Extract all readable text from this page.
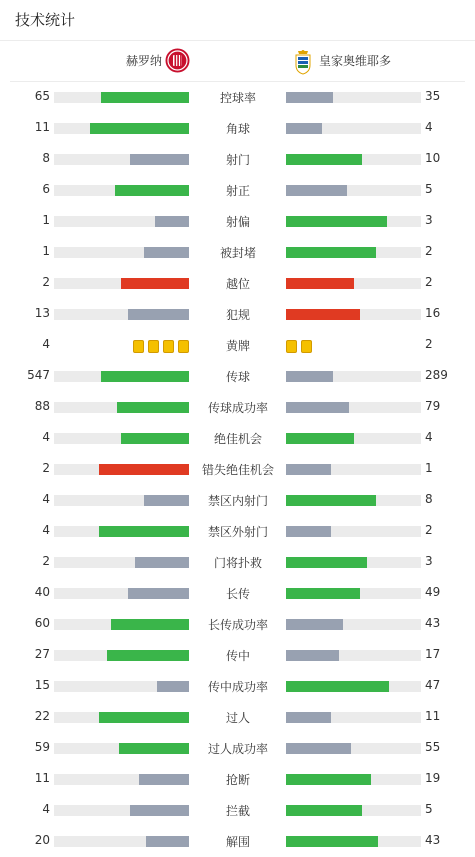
技术统计
赫罗纳	皇家奥维耶多
65	控球率	35
11	角球	4
8	射门	10
6	射正	5
1	射偏	3
1	被封堵	2
2	越位	2
13	犯规	16
4	黄牌	2
547	传球	289
88	传球成功率	79
4	绝佳机会	4
2	错失绝佳机会	1
4	禁区内射门	8
4	禁区外射门	2
2	门将扑救	3
40	长传	49
60	长传成功率	43
27	传中	17
15	传中成功率	47
22	过人	11
59	过人成功率	55
11	抢断	19
4	拦截	5
20	解围	43
